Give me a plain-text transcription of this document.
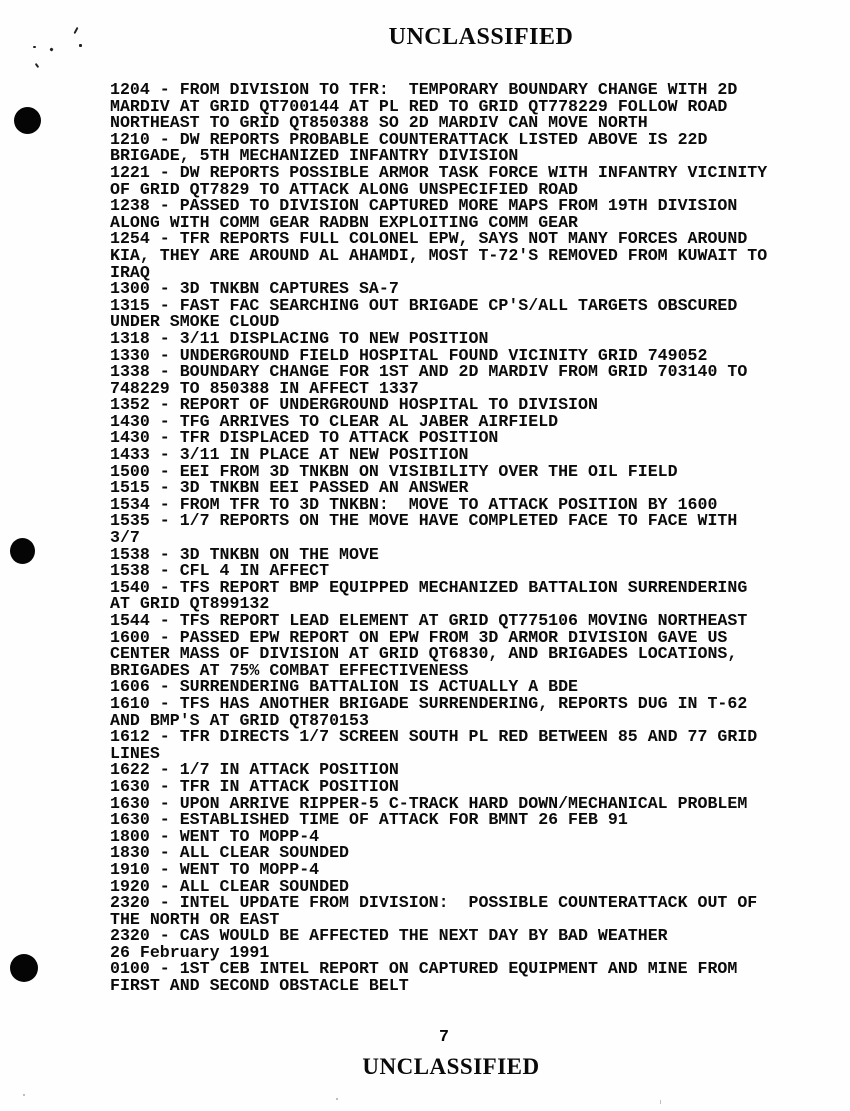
UNCLASSIFIED
1204 - FROM DIVISION TO TFR:  TEMPORARY BOUNDARY CHANGE WITH 2D
MARDIV AT GRID QT700144 AT PL RED TO GRID QT778229 FOLLOW ROAD
NORTHEAST TO GRID QT850388 SO 2D MARDIV CAN MOVE NORTH
1210 - DW REPORTS PROBABLE COUNTERATTACK LISTED ABOVE IS 22D
BRIGADE, 5TH MECHANIZED INFANTRY DIVISION
1221 - DW REPORTS POSSIBLE ARMOR TASK FORCE WITH INFANTRY VICINITY
OF GRID QT7829 TO ATTACK ALONG UNSPECIFIED ROAD
1238 - PASSED TO DIVISION CAPTURED MORE MAPS FROM 19TH DIVISION
ALONG WITH COMM GEAR RADBN EXPLOITING COMM GEAR
1254 - TFR REPORTS FULL COLONEL EPW, SAYS NOT MANY FORCES AROUND
KIA, THEY ARE AROUND AL AHAMDI, MOST T-72'S REMOVED FROM KUWAIT TO
IRAQ
1300 - 3D TNKBN CAPTURES SA-7
1315 - FAST FAC SEARCHING OUT BRIGADE CP'S/ALL TARGETS OBSCURED
UNDER SMOKE CLOUD
1318 - 3/11 DISPLACING TO NEW POSITION
1330 - UNDERGROUND FIELD HOSPITAL FOUND VICINITY GRID 749052
1338 - BOUNDARY CHANGE FOR 1ST AND 2D MARDIV FROM GRID 703140 TO
748229 TO 850388 IN AFFECT 1337
1352 - REPORT OF UNDERGROUND HOSPITAL TO DIVISION
1430 - TFG ARRIVES TO CLEAR AL JABER AIRFIELD
1430 - TFR DISPLACED TO ATTACK POSITION
1433 - 3/11 IN PLACE AT NEW POSITION
1500 - EEI FROM 3D TNKBN ON VISIBILITY OVER THE OIL FIELD
1515 - 3D TNKBN EEI PASSED AN ANSWER
1534 - FROM TFR TO 3D TNKBN:  MOVE TO ATTACK POSITION BY 1600
1535 - 1/7 REPORTS ON THE MOVE HAVE COMPLETED FACE TO FACE WITH
3/7
1538 - 3D TNKBN ON THE MOVE
1538 - CFL 4 IN AFFECT
1540 - TFS REPORT BMP EQUIPPED MECHANIZED BATTALION SURRENDERING
AT GRID QT899132
1544 - TFS REPORT LEAD ELEMENT AT GRID QT775106 MOVING NORTHEAST
1600 - PASSED EPW REPORT ON EPW FROM 3D ARMOR DIVISION GAVE US
CENTER MASS OF DIVISION AT GRID QT6830, AND BRIGADES LOCATIONS,
BRIGADES AT 75% COMBAT EFFECTIVENESS
1606 - SURRENDERING BATTALION IS ACTUALLY A BDE
1610 - TFS HAS ANOTHER BRIGADE SURRENDERING, REPORTS DUG IN T-62
AND BMP'S AT GRID QT870153
1612 - TFR DIRECTS 1/7 SCREEN SOUTH PL RED BETWEEN 85 AND 77 GRID
LINES
1622 - 1/7 IN ATTACK POSITION
1630 - TFR IN ATTACK POSITION
1630 - UPON ARRIVE RIPPER-5 C-TRACK HARD DOWN/MECHANICAL PROBLEM
1630 - ESTABLISHED TIME OF ATTACK FOR BMNT 26 FEB 91
1800 - WENT TO MOPP-4
1830 - ALL CLEAR SOUNDED
1910 - WENT TO MOPP-4
1920 - ALL CLEAR SOUNDED
2320 - INTEL UPDATE FROM DIVISION:  POSSIBLE COUNTERATTACK OUT OF
THE NORTH OR EAST
2320 - CAS WOULD BE AFFECTED THE NEXT DAY BY BAD WEATHER
26 February 1991
0100 - 1ST CEB INTEL REPORT ON CAPTURED EQUIPMENT AND MINE FROM
FIRST AND SECOND OBSTACLE BELT
7
UNCLASSIFIED
